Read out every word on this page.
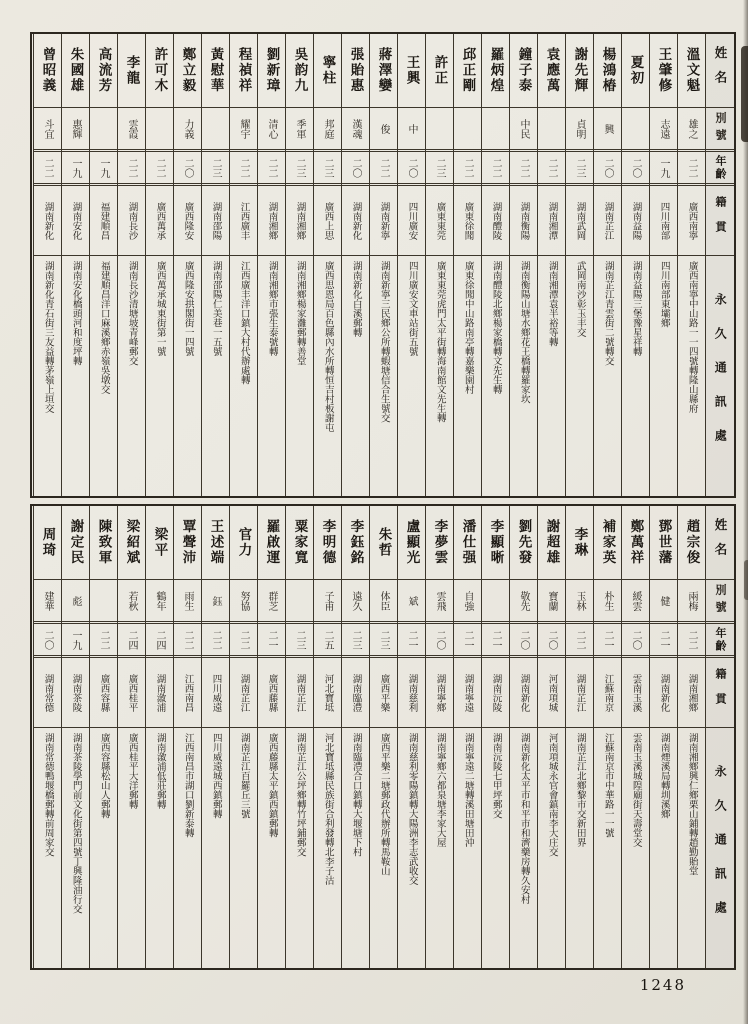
姓名
別號
年齡
籍貫
永久通訊處
溫文魁
雄之
二二
廣西南寧
廣西南寧中山路一一四號轉隆山縣府
王肇修
志遠
一九
四川南部
四川南部東壩鄉
夏初
二〇
湖南益陽
湖南益陽三堡豫星祥轉
楊鴻椿
興
二〇
湖南芷江
湖南芷江青雲街二號轉交
謝先輝
貞明
二三
湖南武岡
武岡南沙彰玉丰交
袁應萬
二二
湖南湘潭
湖南湘潭袁半裕等轉
鐘子泰
中民
二二
湖南衡陽
湖南衡陽山塘水鄉花王橋轉羅家坎
羅炳煌
二二
湖南醴陵
湖南醴陵北鄉楊家橋轉文先生轉
邱正剛
二二
廣東徐聞
廣東徐聞中山路南亭轉嘉樂園村
許正
二三
廣東東莞
廣東東莞虎門太平街轉海南館文先生轉
王興
中
二〇
四川廣安
四川廣安文車站街五號
蔣澤孌
俊
二二
湖南新寧
湖南新寧三民鄉公所轉蝦塘信合生號交
張貽惠
漢魂
二〇
湖南新化
湖南新化白溪郵轉
寧柱
邦庭
二三
廣西上思
廣西思恩局百色縣內水所轉恒吉村板謝屯
吳韵九
季軍
二三
湖南湘鄉
湖南湘鄉楊家灘郵轉善堂
劉新璋
清心
二二
湖南湘鄉
湖南湘鄉市張生泰號轉
程禎祥
耀宇
二二
江西廣丰
江西廣丰洋口鎮大村代辦處轉
黃慰華
二三
湖南邵陽
湖南邵陽仁美巷一五號
鄭立毅
力義
二〇
廣西隆安
廣西隆安拱閣街一四號
許可木
二二
廣西萬承
廣西萬承城東街第一號
李龍
雲霞
二二
湖南長沙
湖南長沙清塘坡青峰郵交
高流芳
一九
福建順昌
福建順昌洋口麻溪鄉赤嶺吳墩交
朱國雄
惠輝
一九
湖南安化
湖南安化橋頭河和度坪轉
曾昭義
斗宜
二二
湖南新化
湖南新化青石街三友益轉茅嶺上垣交
姓名
別號
年齡
籍貫
永久通訊處
趙宗俊
兩梅
二二
湖南湘鄉
湖南湘鄉興仁鄉栗山鋪轉趙勤貽堂
鄧世藩
健
二一
湖南新化
湖南煙溪局轉圳溪鄉
鄭萬祥
緩雲
二〇
雲南玉溪
雲南玉溪城隍廟街天壽堂交
補家英
朴生
二一
江蘇南京
江蘇南京市中華路一一號
李琳
玉林
二二
湖南芷江
湖南芷江北鄉黎市交新田界
謝超雄
寶蘭
二〇
河南項城
河南項城永官會鎮南李大庄交
劉先發
敬先
二〇
湖南新化
湖南新化太平市和平市和濟藥房轉久安村
李顯晰
二一
湖南沅陵
湖南沅陵七甲坪郵交
潘仕强
自強
二一
湖南寧遠
湖南寧遠二塘轉溪田塘田沖
李夢雲
雲飛
二〇
湖南寧鄉
湖南寧鄉六都泉塘李家大屋
盧顯光
斌
二一
湖南慈利
湖南慈利零陽鎮轉大陽洲李志武收交
朱哲
体臣
二三
廣西平樂
廣西平樂二塘郵政代辦所轉馬鞍山
李鈺銘
遠久
二三
湖南臨澧
湖南臨澧合口鎮轉大堰塘下村
李明德
子甫
二五
河北寶坻
河北寶坻縣民族街合利發轉北李子沽
粟家寬
二三
湖南芷江
湖南芷江公坪鄉轉竹坪鋪郵交
羅啟運
群芝
二一
廣西藤縣
廣西藤縣太平鎮西鎮郵轉
官力
努協
二二
湖南芷江
湖南芷江百羅丘三號
王述端
鈺
二二
四川威遠
四川威遠城西鎮郵轉
覃聲沛
雨生
二二
江西南昌
江西南昌市湖口劉新泰轉
梁平
鶴年
二四
湖南漵浦
湖南漵浦低莊郵轉
梁紹斌
若秋
二四
廣西桂平
廣西桂平大洋郵轉
陳致軍
二二
廣西容縣
廣西容縣松山人郵轉
謝定民
彪
一九
湖南茶陵
湖南茶陵學門前文化街第四號丁興隆油行交
周琦
建華
二〇
湖南常德
湖南常德鴨堰橋郵轉前周家交
1248
